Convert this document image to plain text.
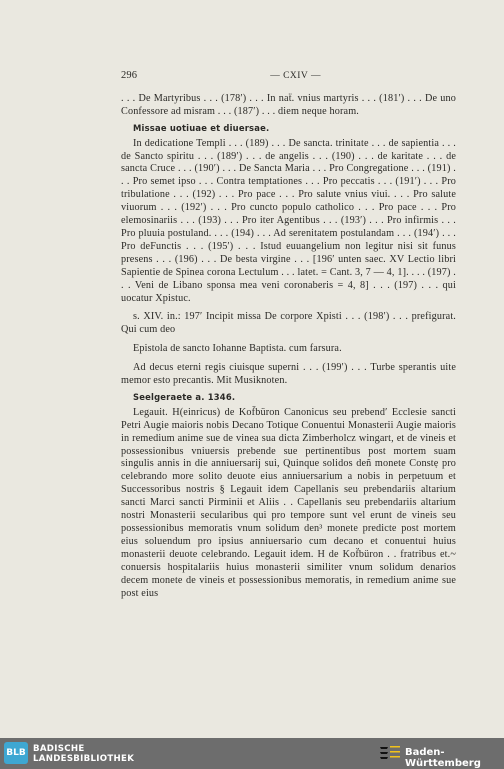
296	— CXIV —

. . . De Martyribus . . . (178′) . . . In naẗ. vnius martyris . . . (181′) . . . De uno Confessore ad misram . . . (187′) . . . diem neque horam.

Missae uotiuae et diuersae.

In dedicatione Templi . . . (189) . . . De sancta. trinitate . . . de sapientia . . . de Sancto spiritu . . . (189′) . . . de angelis . . . (190) . . . de karitate . . . de sancta Cruce . . . (190′) . . . De Sancta Maria . . . Pro Congregatione . . . (191) . . . Pro semet ipso . . . Contra temptationes . . . Pro peccatis . . . (191′) . . . Pro tribulatione . . . (192) . . . Pro pace . . . Pro salute vnius viui. . . . Pro salute viuorum . . . (192′) . . . Pro cuncto populo catholico . . . Pro pace . . . Pro elemosinariis . . . (193) . . . Pro iter Agentibus . . . (193′) . . . Pro infirmis . . . Pro pluuia postuland. . . . (194) . . . Ad serenitatem postulandam . . . (194′) . . . Pro deFunctis . . . (195′) . . . Istud euuangelium non legitur nisi sit funus presens . . . (196) . . . De besta virgine . . . [196′ unten saec. XV Lectio libri Sapientie de Spinea corona Lectulum . . . latet. = Cant. 3, 7 — 4, 1]. . . . (197) . . . Veni de Libano sponsa mea veni coronaberis = 4, 8] . . . (197) . . . qui uocatur Xpistuc.

s. XIV. in.: 197′ Incipit missa De corpore Xpisti . . . (198′) . . . prefigurat. Qui cum deo

Epistola de sancto Iohanne Baptista. cum farsura.

Ad decus eterni regis ciuisque superni . . . (199′) . . . Turbe sperantis uite memor esto precantis. Mit Musiknoten.

Seelgeraete a. 1346.

Legauit. H(einricus) de Kof̈büron Canonicus seu prebend′ Ecclesie sancti Petri Augie maioris nobis Decano Totique Conuentui Monasterii Augie maioris in remedium anime sue de vinea sua dicta Zimberholcz wingart, et de vineis et possessionibus vniuersis prebende sue pertinentibus post mortem suam singulis annis in die anniuersarij sui, Quinque solidos deñ monete Constẹ pro celebrando more solito deuote eius anniuersarium a nobis in perpetuum et Successoribus nostris § Legauit idem Capellanis seu prebendariis altarium sancti Marci sancti Pirminii et Aliis . . Capellanis seu prebendariis altarium nostri Monasterii secularibus qui pro tempore sunt vel erunt de vineis seu possessionibus memoratis vnum solidum den³ monete predicte post mortem eius soluendum pro ipsius anniuersario cum decano et conuentui huius monasterii deuote celebrando. Legauit idem. H de Kof̈büron . . fratribus et.~ conuersis hospitalariis huius monasterii similiter vnum solidum denarios decem monete de vineis et possessionibus memoratis, in remedium anime sue post eius

BLB BADISCHE
LANDESBIBLIOTHEK
Baden-Württemberg
